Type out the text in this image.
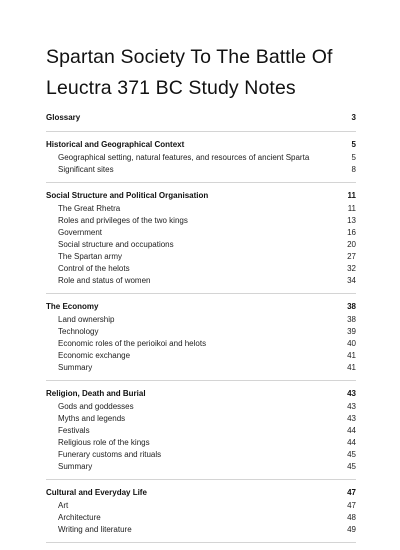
Spartan Society To The Battle Of Leuctra 371 BC Study Notes
Glossary	3
Historical and Geographical Context	5
Geographical setting, natural features, and resources of ancient Sparta	5
Significant sites	8
Social Structure and Political Organisation	11
The Great Rhetra	11
Roles and privileges of the two kings	13
Government	16
Social structure and occupations	20
The Spartan army	27
Control of the helots	32
Role and status of women	34
The Economy	38
Land ownership	38
Technology	39
Economic roles of the perioikoi and helots	40
Economic exchange	41
Summary	41
Religion, Death and Burial	43
Gods and goddesses	43
Myths and legends	43
Festivals	44
Religious role of the kings	44
Funerary customs and rituals	45
Summary	45
Cultural and Everyday Life	47
Art	47
Architecture	48
Writing and literature	49
